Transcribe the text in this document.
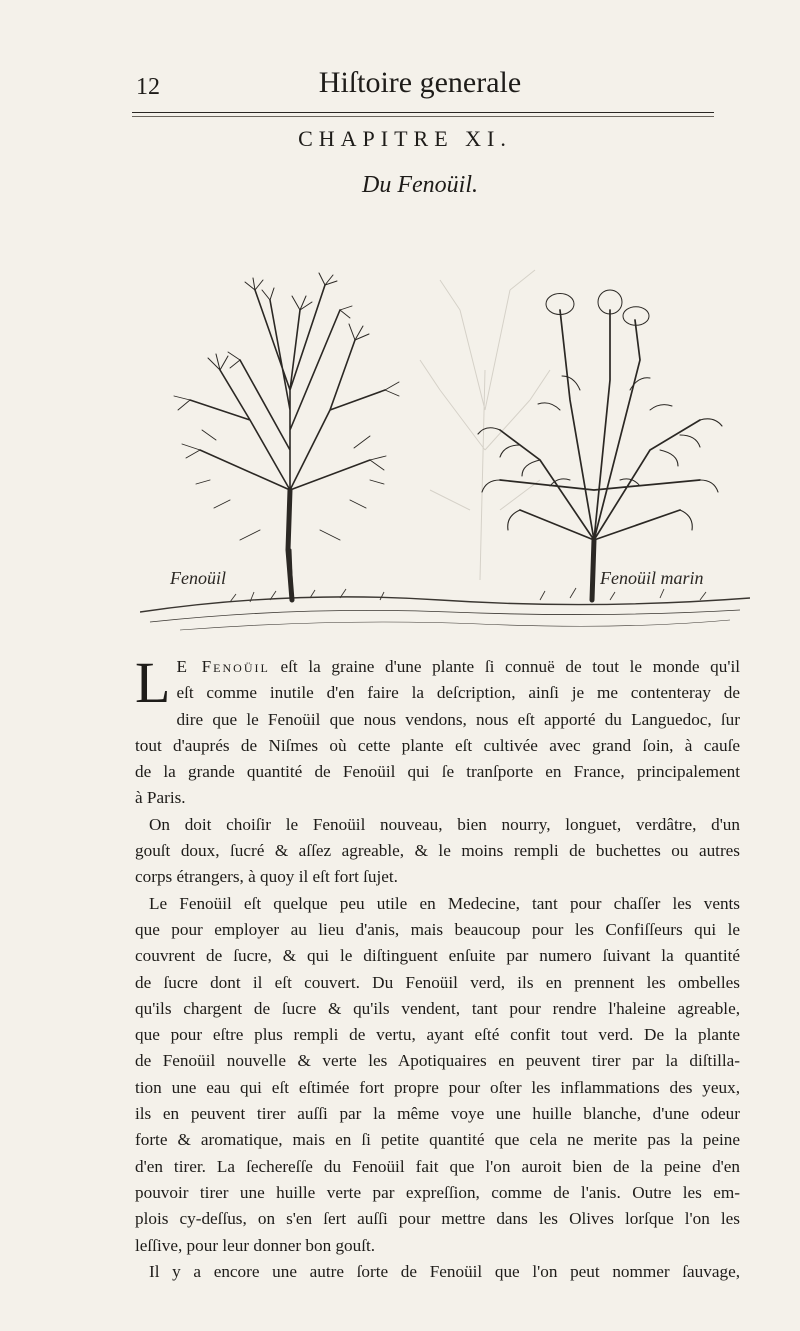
12	Hiſtoire generale
CHAPITRE XI.
Du Fenoüil.
Fenoüil	Fenoüil marin
L E Fenoüil eſt la graine d'une plante ſi connuë de tout le monde qu'il
eſt comme inutile d'en faire la deſcription, ainſi je me contenteray de
dire que le Fenoüil que nous vendons, nous eſt apporté du Languedoc, ſur
tout d'auprés de Niſmes où cette plante eſt cultivée avec grand ſoin, à cauſe
de la grande quantité de Fenoüil qui ſe tranſporte en France, principalement
à Paris.
On doit choiſir le Fenoüil nouveau, bien nourry, longuet, verdâtre, d'un
gouſt doux, ſucré & aſſez agreable, & le moins rempli de buchettes ou autres
corps étrangers, à quoy il eſt fort ſujet.
Le Fenoüil eſt quelque peu utile en Medecine, tant pour chaſſer les vents
que pour employer au lieu d'anis, mais beaucoup pour les Confiſſeurs qui le
couvrent de ſucre, & qui le diſtinguent enſuite par numero ſuivant la quantité
de ſucre dont il eſt couvert. Du Fenoüil verd, ils en prennent les ombelles
qu'ils chargent de ſucre & qu'ils vendent, tant pour rendre l'haleine agreable,
que pour eſtre plus rempli de vertu, ayant eſté confit tout verd. De la plante
de Fenoüil nouvelle & verte les Apotiquaires en peuvent tirer par la diſtilla-
tion une eau qui eſt eſtimée fort propre pour oſter les inflammations des yeux,
ils en peuvent tirer auſſi par la même voye une huille blanche, d'une odeur
forte & aromatique, mais en ſi petite quantité que cela ne merite pas la peine
d'en tirer. La ſechereſſe du Fenoüil fait que l'on auroit bien de la peine d'en
pouvoir tirer une huille verte par expreſſion, comme de l'anis. Outre les em-
plois cy-deſſus, on s'en ſert auſſi pour mettre dans les Olives lorſque l'on les
leſſive, pour leur donner bon gouſt.
Il y a encore une autre ſorte de Fenoüil que l'on peut nommer ſauvage,
